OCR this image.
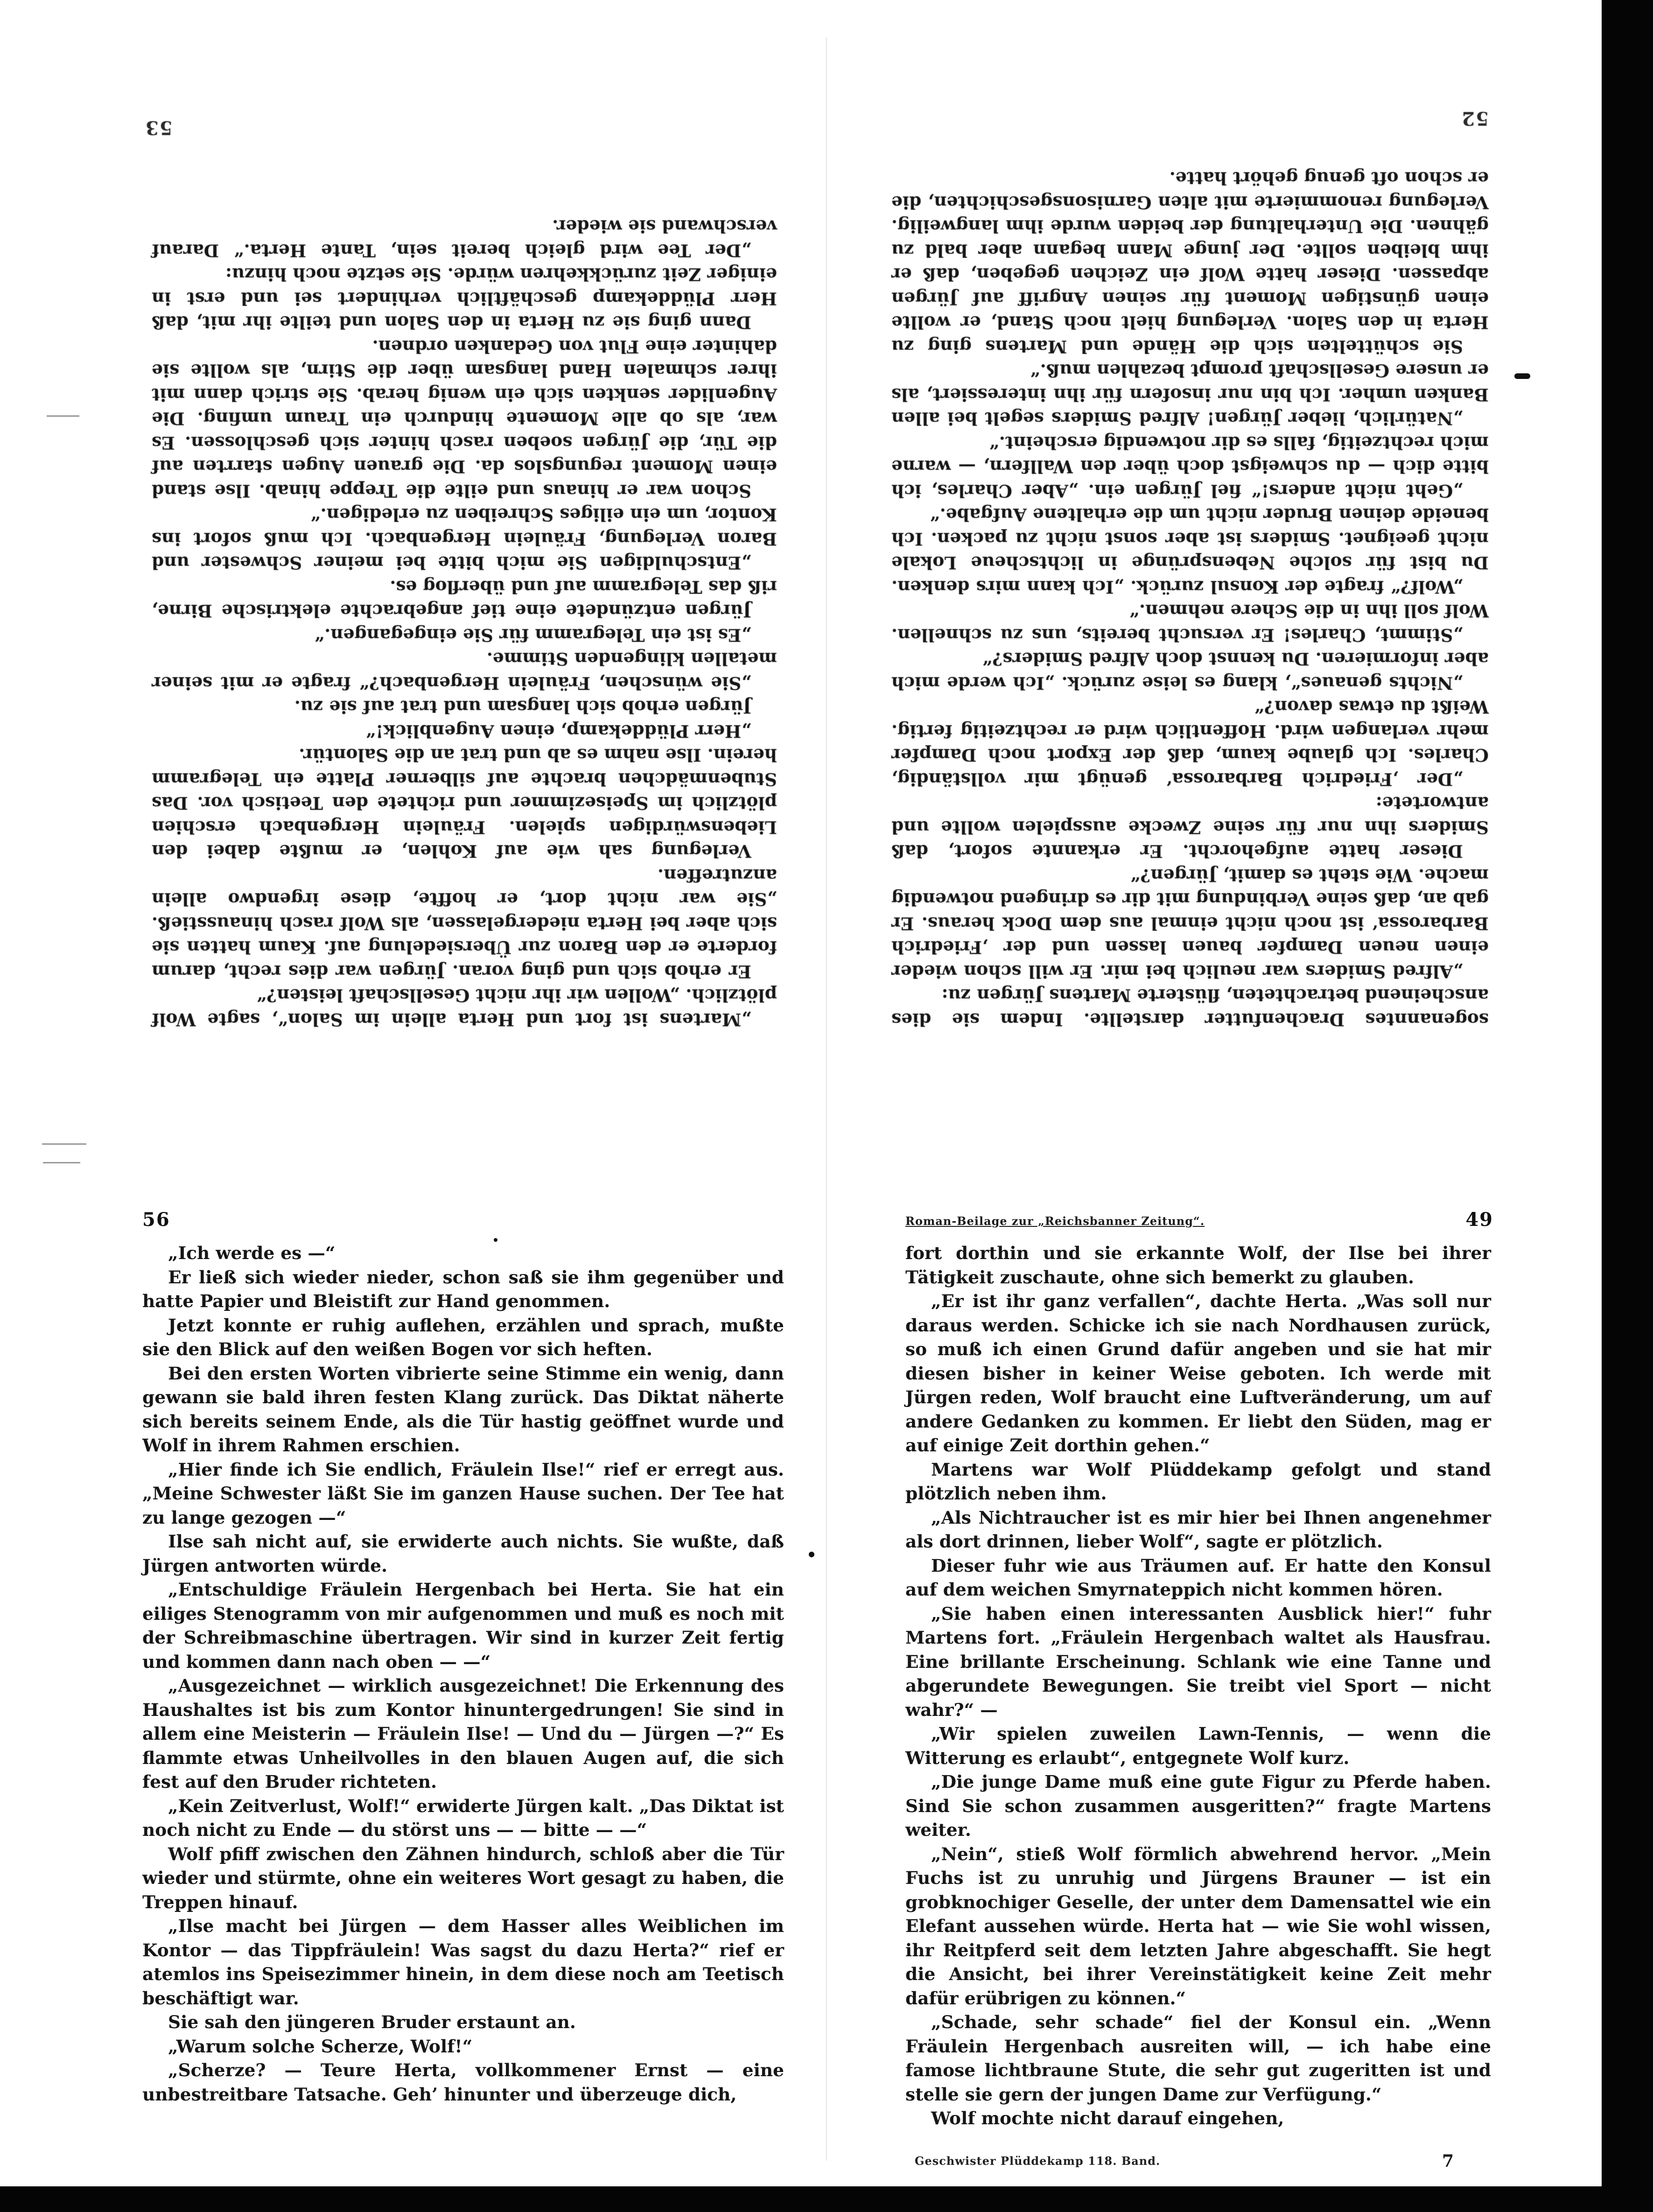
„Martens ist fort und Herta allein im Salon“, sagte Wolf plötzlich. „Wollen wir ihr nicht Gesellschaft leisten?“

Er erhob sich und ging voran. Jürgen war dies recht, darum forderte er den Baron zur Übersiedelung auf. Kaum hatten sie sich aber bei Herta niedergelassen, als Wolf rasch hinausstieß. „Sie war nicht dort, er hoffte, diese irgendwo allein anzutreffen.

Verlegung sah wie auf Kohlen, er mußte dabei den Liebenswürdigen spielen. Fräulein Hergenbach erschien plötzlich im Speisezimmer und richtete den Teetisch vor. Das Stubenmädchen brachte auf silberner Platte ein Telegramm herein. Ilse nahm es ab und trat an die Salontür.

„Herr Plüddekamp, einen Augenblick!“

Jürgen erhob sich langsam und trat auf sie zu.

„Sie wünschen, Fräulein Hergenbach?“ fragte er mit seiner metallen klingenden Stimme.

„Es ist ein Telegramm für Sie eingegangen.“

Jürgen entzündete eine tief angebrachte elektrische Birne, riß das Telegramm auf und überflog es.

„Entschuldigen Sie mich bitte bei meiner Schwester und Baron Verlegung, Fräulein Hergenbach. Ich muß sofort ins Kontor, um ein eiliges Schreiben zu erledigen.“

Schon war er hinaus und eilte die Treppe hinab. Ilse stand einen Moment regungslos da. Die grauen Augen starrten auf die Tür, die Jürgen soeben rasch hinter sich geschlossen. Es war, als ob alle Momente hindurch ein Traum umfing. Die Augenlider senkten sich ein wenig herab. Sie strich dann mit ihrer schmalen Hand langsam über die Stirn, als wollte sie dahinter eine Flut von Gedanken ordnen.

Dann ging sie zu Herta in den Salon und teilte ihr mit, daß Herr Plüddekamp geschäftlich verhindert sei und erst in einiger Zeit zurückkehren würde. Sie setzte noch hinzu:

„Der Tee wird gleich bereit sein, Tante Herta.“ Darauf verschwand sie wieder.

53

sogenanntes Drachenfutter darstellte. Indem sie dies anscheinend betrachteten, flüsterte Martens Jürgen zu:

„Alfred Smiders war neulich bei mir. Er will schon wieder einen neuen Dampfer bauen lassen und der ‚Friedrich Barbarossa‘ ist noch nicht einmal aus dem Dock heraus. Er gab an, daß seine Verbindung mit dir es dringend notwendig mache. Wie steht es damit, Jürgen?“

Dieser hatte aufgehorcht. Er erkannte sofort, daß Smiders ihn nur für seine Zwecke ausspielen wollte und antwortete:

„Der ‚Friedrich Barbarossa‘ genügt mir vollständig, Charles. Ich glaube kaum, daß der Export noch Dampfer mehr verlangen wird. Hoffentlich wird er rechtzeitig fertig. Weißt du etwas davon?“

„Nichts genaues“, klang es leise zurück. „Ich werde mich aber informieren. Du kennst doch Alfred Smiders?“

„Stimmt, Charles! Er versucht bereits, uns zu schnellen. Wolf soll ihn in die Schere nehmen.“

„Wolf?“ fragte der Konsul zurück. „Ich kann mirs denken. Du bist für solche Nebensprünge in lichtscheue Lokale nicht geeignet. Smiders ist aber sonst nicht zu packen. Ich beneide deinen Bruder nicht um die erhaltene Aufgabe.“

„Geht nicht anders!“ fiel Jürgen ein. „Aber Charles, ich bitte dich — du schweigst doch über den Wallfern, — warne mich rechtzeitig, falls es dir notwendig erscheint.“

„Natürlich, lieber Jürgen! Alfred Smiders segelt bei allen Banken umher. Ich bin nur insofern für ihn interessiert, als er unsere Gesellschaft prompt bezahlen muß.“

Sie schüttelten sich die Hände und Martens ging zu Herta in den Salon. Verlegung hielt noch Stand, er wollte einen günstigen Moment für seinen Angriff auf Jürgen abpassen. Dieser hatte Wolf ein Zeichen gegeben, daß er ihm bleiben sollte. Der junge Mann begann aber bald zu gähnen. Die Unterhaltung der beiden wurde ihm langweilig. Verlegung renommierte mit alten Garnisonsgeschichten, die er schon oft genug gehört hatte.

52
56

„Ich werde es —“

Er ließ sich wieder nieder, schon saß sie ihm gegenüber und hatte Papier und Bleistift zur Hand genommen.

Jetzt konnte er ruhig auflehen, erzählen und sprach, mußte sie den Blick auf den weißen Bogen vor sich heften.

Bei den ersten Worten vibrierte seine Stimme ein wenig, dann gewann sie bald ihren festen Klang zurück. Das Diktat näherte sich bereits seinem Ende, als die Tür hastig geöffnet wurde und Wolf in ihrem Rahmen erschien.

„Hier finde ich Sie endlich, Fräulein Ilse!“ rief er erregt aus. „Meine Schwester läßt Sie im ganzen Hause suchen. Der Tee hat zu lange gezogen —“

Ilse sah nicht auf, sie erwiderte auch nichts. Sie wußte, daß Jürgen antworten würde.

„Entschuldige Fräulein Hergenbach bei Herta. Sie hat ein eiliges Stenogramm von mir aufgenommen und muß es noch mit der Schreibmaschine übertragen. Wir sind in kurzer Zeit fertig und kommen dann nach oben — —“

„Ausgezeichnet — wirklich ausgezeichnet! Die Erkennung des Haushaltes ist bis zum Kontor hinuntergedrungen! Sie sind in allem eine Meisterin — Fräulein Ilse! — Und du — Jürgen —?“ Es flammte etwas Unheilvolles in den blauen Augen auf, die sich fest auf den Bruder richteten.

„Kein Zeitverlust, Wolf!“ erwiderte Jürgen kalt. „Das Diktat ist noch nicht zu Ende — du störst uns — — bitte — —“

Wolf pfiff zwischen den Zähnen hindurch, schloß aber die Tür wieder und stürmte, ohne ein weiteres Wort gesagt zu haben, die Treppen hinauf.

„Ilse macht bei Jürgen — dem Hasser alles Weiblichen im Kontor — das Tippfräulein! Was sagst du dazu Herta?“ rief er atemlos ins Speisezimmer hinein, in dem diese noch am Teetisch beschäftigt war.

Sie sah den jüngeren Bruder erstaunt an.

„Warum solche Scherze, Wolf!“

„Scherze? — Teure Herta, vollkommener Ernst — eine unbestreitbare Tatsache. Geh’ hinunter und überzeuge dich,

Roman-Beilage zur „Reichsbanner Zeitung“.	49

fort dorthin und sie erkannte Wolf, der Ilse bei ihrer Tätigkeit zuschaute, ohne sich bemerkt zu glauben.

„Er ist ihr ganz verfallen“, dachte Herta. „Was soll nur daraus werden. Schicke ich sie nach Nordhausen zurück, so muß ich einen Grund dafür angeben und sie hat mir diesen bisher in keiner Weise geboten. Ich werde mit Jürgen reden, Wolf braucht eine Luftveränderung, um auf andere Gedanken zu kommen. Er liebt den Süden, mag er auf einige Zeit dorthin gehen.“

Martens war Wolf Plüddekamp gefolgt und stand plötzlich neben ihm.

„Als Nichtraucher ist es mir hier bei Ihnen angenehmer als dort drinnen, lieber Wolf“, sagte er plötzlich.

Dieser fuhr wie aus Träumen auf. Er hatte den Konsul auf dem weichen Smyrnateppich nicht kommen hören.

„Sie haben einen interessanten Ausblick hier!“ fuhr Martens fort. „Fräulein Hergenbach waltet als Hausfrau. Eine brillante Erscheinung. Schlank wie eine Tanne und abgerundete Bewegungen. Sie treibt viel Sport — nicht wahr?“ —

„Wir spielen zuweilen Lawn-Tennis, — wenn die Witterung es erlaubt“, entgegnete Wolf kurz.

„Die junge Dame muß eine gute Figur zu Pferde haben. Sind Sie schon zusammen ausgeritten?“ fragte Martens weiter.

„Nein“, stieß Wolf förmlich abwehrend hervor. „Mein Fuchs ist zu unruhig und Jürgens Brauner — ist ein grobknochiger Geselle, der unter dem Damensattel wie ein Elefant aussehen würde. Herta hat — wie Sie wohl wissen, ihr Reitpferd seit dem letzten Jahre abgeschafft. Sie hegt die Ansicht, bei ihrer Vereinstätigkeit keine Zeit mehr dafür erübrigen zu können.“

„Schade, sehr schade“ fiel der Konsul ein. „Wenn Fräulein Hergenbach ausreiten will, — ich habe eine famose lichtbraune Stute, die sehr gut zugeritten ist und stelle sie gern der jungen Dame zur Verfügung.“

Wolf mochte nicht darauf eingehen,

Geschwister Plüddekamp 118. Band.	7
